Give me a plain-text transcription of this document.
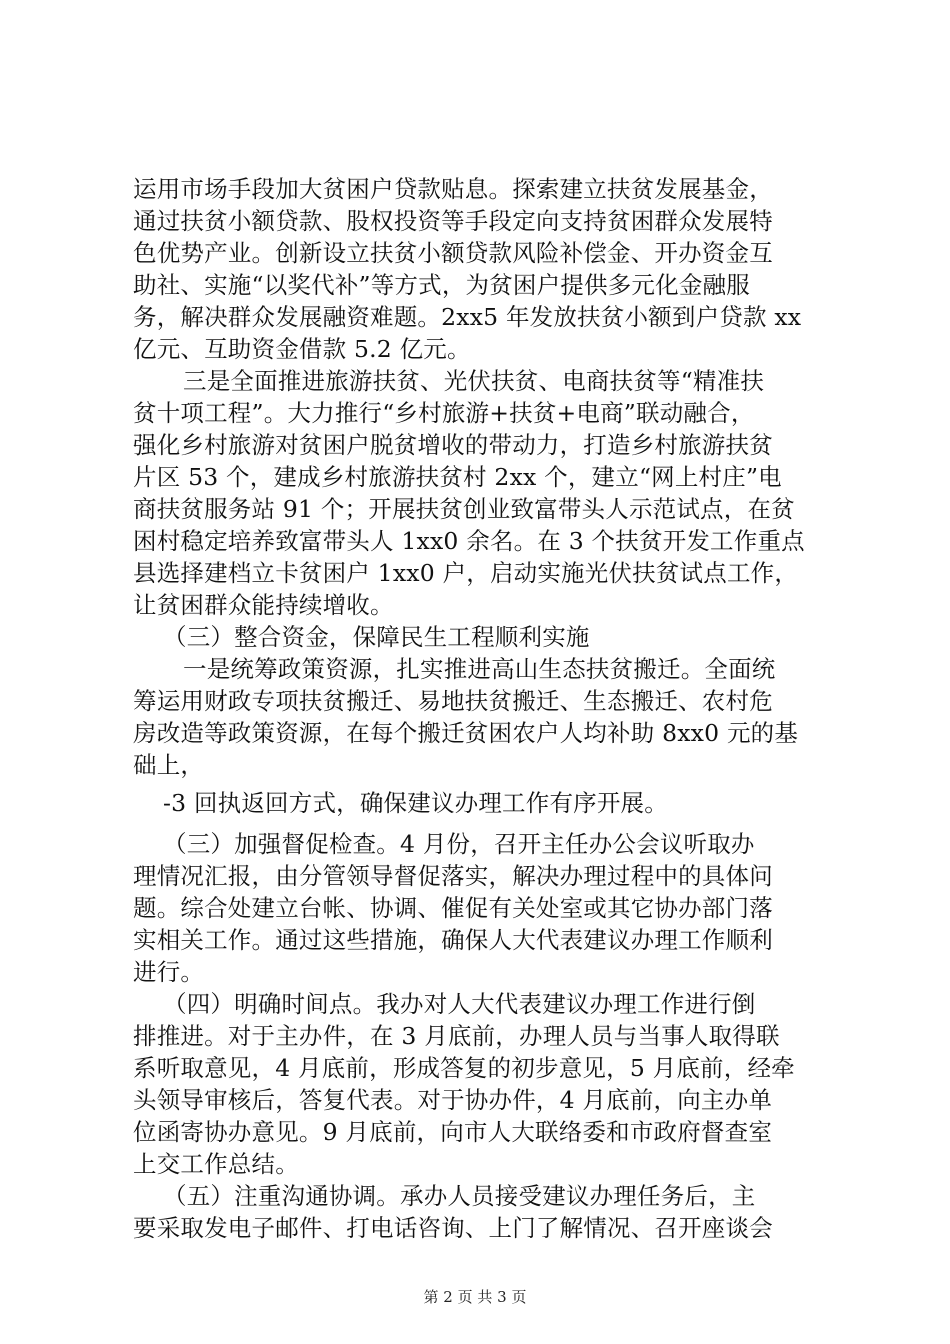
运用市场手段加大贫困户贷款贴息。探索建立扶贫发展基金，
通过扶贫小额贷款、股权投资等手段定向支持贫困群众发展特
色优势产业。创新设立扶贫小额贷款风险补偿金、开办资金互
助社、实施“以奖代补”等方式，为贫困户提供多元化金融服
务，解决群众发展融资难题。2xx5 年发放扶贫小额到户贷款 xx
亿元、互助资金借款 5.2 亿元。
三是全面推进旅游扶贫、光伏扶贫、电商扶贫等“精准扶
贫十项工程”。大力推行“乡村旅游+扶贫+电商”联动融合，
强化乡村旅游对贫困户脱贫增收的带动力，打造乡村旅游扶贫
片区 53 个，建成乡村旅游扶贫村 2xx 个，建立“网上村庄”电
商扶贫服务站 91 个；开展扶贫创业致富带头人示范试点，在贫
困村稳定培养致富带头人 1xx0 余名。在 3 个扶贫开发工作重点
县选择建档立卡贫困户 1xx0 户，启动实施光伏扶贫试点工作，
让贫困群众能持续增收。
（三）整合资金，保障民生工程顺利实施
一是统筹政策资源，扎实推进高山生态扶贫搬迁。全面统
筹运用财政专项扶贫搬迁、易地扶贫搬迁、生态搬迁、农村危
房改造等政策资源，在每个搬迁贫困农户人均补助 8xx0 元的基
础上，
-3 回执返回方式，确保建议办理工作有序开展。
（三）加强督促检查。4 月份，召开主任办公会议听取办
理情况汇报，由分管领导督促落实，解决办理过程中的具体问
题。综合处建立台帐、协调、催促有关处室或其它协办部门落
实相关工作。通过这些措施，确保人大代表建议办理工作顺利
进行。
（四）明确时间点。我办对人大代表建议办理工作进行倒
排推进。对于主办件，在 3 月底前，办理人员与当事人取得联
系听取意见，4 月底前，形成答复的初步意见，5 月底前，经牵
头领导审核后，答复代表。对于协办件，4 月底前，向主办单
位函寄协办意见。9 月底前，向市人大联络委和市政府督查室
上交工作总结。
（五）注重沟通协调。承办人员接受建议办理任务后，主
要采取发电子邮件、打电话咨询、上门了解情况、召开座谈会
第 2 页 共 3 页
